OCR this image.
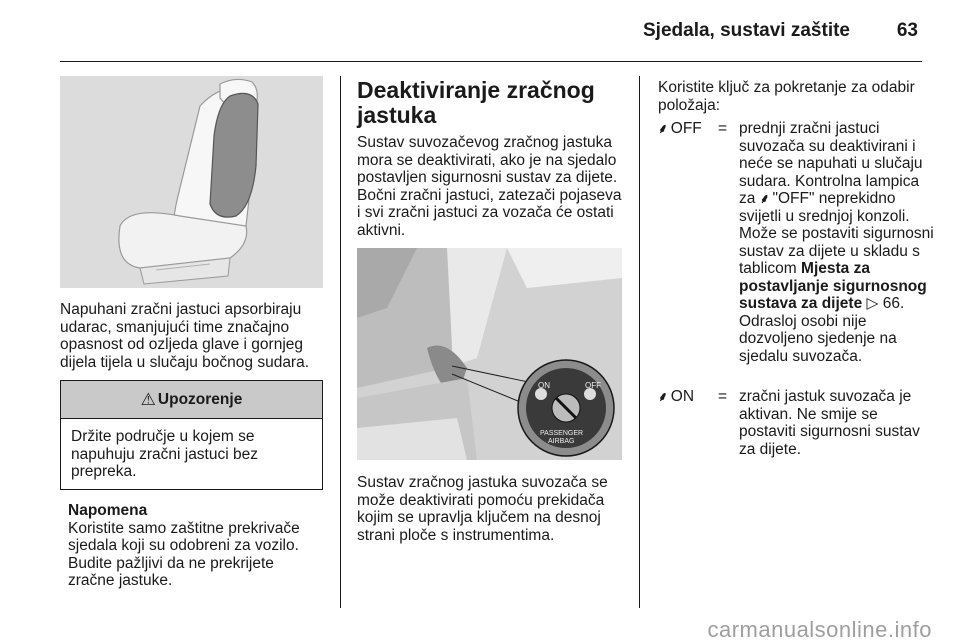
Sjedala, sustavi zaštite 63
Napuhani zračni jastuci apsorbiraju udarac, smanjujući time značajno opasnost od ozljeda glave i gornjeg dijela tijela u slučaju bočnog sudara.
⚠ Upozorenje
Držite područje u kojem se napuhuju zračni jastuci bez prepreka.
Napomena
Koristite samo zaštitne prekrivače sjedala koji su odobreni za vozilo. Budite pažljivi da ne prekrijete zračne jastuke.
Deaktiviranje zračnog jastuka
Sustav suvozačevog zračnog jastuka mora se deaktivirati, ako je na sjedalo postavljen sigurnosni sustav za dijete. Bočni zračni jastuci, zatezači pojaseva i svi zračni jastuci za vozača će ostati aktivni.
ON	OFF
PASSENGER
AIRBAG
Sustav zračnog jastuka suvozača se može deaktivirati pomoću prekidača kojim se upravlja ključem na desnoj strani ploče s instrumentima.
Koristite ključ za pokretanje za odabir položaja:
⸙ OFF = prednji zračni jastuci suvozača su deaktivirani i neće se napuhati u slučaju sudara. Kontrolna lampica za ⸙ "OFF" neprekidno svijetli u srednjoj konzoli. Može se postaviti sigurnosni sustav za dijete u skladu s tablicom Mjesta za postavljanje sigurnosnog sustava za dijete ▷ 66. Odrasloj osobi nije dozvoljeno sjedenje na sjedalu suvozača.
⸙ ON = zračni jastuk suvozača je aktivan. Ne smije se postaviti sigurnosni sustav za dijete.
carmanualsonline.info
